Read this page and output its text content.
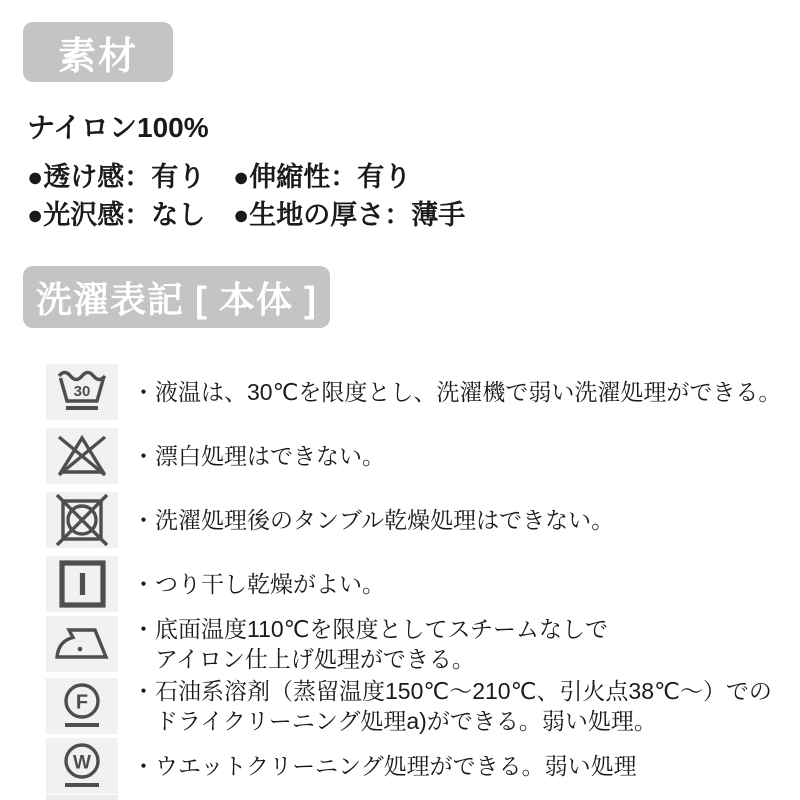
素材
ナイロン100%
●透け感：有り	●伸縮性：有り
●光沢感：なし	●生地の厚さ：薄手
洗濯表記 [ 本体 ]
30 ・液温は、30℃を限度とし、洗濯機で弱い洗濯処理ができる。
・漂白処理はできない。
・洗濯処理後のタンブル乾燥処理はできない。
・つり干し乾燥がよい。
・底面温度110℃を限度としてスチームなしで
アイロン仕上げ処理ができる。
F ・石油系溶剤（蒸留温度150℃～210℃、引火点38℃～）での
ドライクリーニング処理a)ができる。弱い処理。
W ・ウエットクリーニング処理ができる。弱い処理
